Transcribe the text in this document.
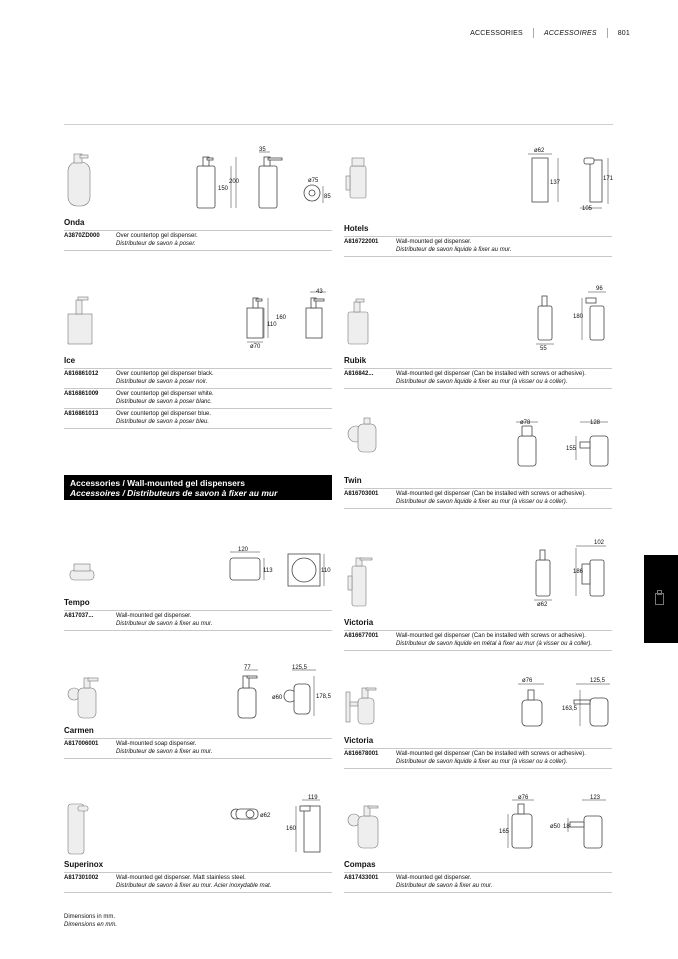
ACCESSORIES	ACCESSOIRES	801
35
200
150
ø75
85
Onda
A3870ZD000	Over countertop gel dispenser.
Distributeur de savon à poser.
ø62
137
171
105
Hotels
A816722001	Wall-mounted gel dispenser.
Distributeur de savon liquide à fixer au mur.
43
160
110
ø70
Ice
A816861012	Over countertop gel dispenser black.
Distributeur de savon à poser noir.
A816861009	Over countertop gel dispenser white.
Distributeur de savon à poser blanc.
A816861013	Over countertop gel dispenser blue.
Distributeur de savon à poser bleu.
96
180
55
Rubik
A816842...	Wall-mounted gel dispenser (Can be installed with screws or adhesive).
Distributeur de savon liquide à fixer au mur (à visser ou à coller).
ø78	128
155
Twin
A816703001	Wall-mounted gel dispenser (Can be installed with screws or adhesive).
Distributeur de savon liquide à fixer au mur (à visser ou à coller).
Accessories / Wall-mounted gel dispensers
Accessoires / Distributeurs de savon à fixer au mur
120
113	110
Tempo
A817037...	Wall-mounted gel dispenser.
Distributeur de savon à fixer au mur.
102
186
ø62
Victoria
A816677001	Wall-mounted gel dispenser (Can be installed with screws or adhesive).
Distributeur de savon liquide en métal à fixer au mur (à visser ou à coller).
77	125,5
ø60	178,5
Carmen
A817006001	Wall-mounted soap dispenser.
Distributeur de savon à fixer au mur.
ø76	125,5
163,5
Victoria
A816678001	Wall-mounted gel dispenser (Can be installed with screws or adhesive).
Distributeur de savon liquide à fixer au mur (à visser ou à coller).
119
ø62
160
Superinox
A817301002	Wall-mounted gel dispenser. Matt stainless steel.
Distributeur de savon à fixer au mur. Acier inoxydable mat.
ø76	123
165
ø50 18
Compas
A817433001	Wall-mounted gel dispenser.
Distributeur de savon à fixer au mur.
Dimensions in mm.
Dimensions en mm.
